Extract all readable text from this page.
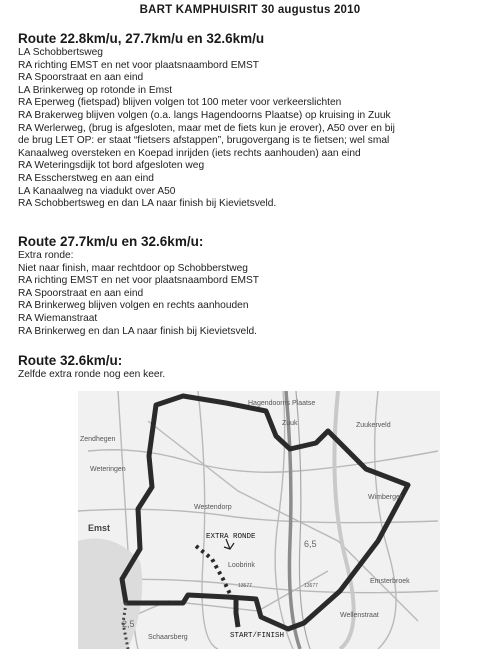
BART KAMPHUISRIT 30 augustus 2010

Route 22.8km/u, 27.7km/u en 32.6km/u

LA Schobbertsweg

RA richting EMST en net voor plaatsnaambord EMST

RA Spoorstraat en aan eind

LA Brinkerweg op rotonde in Emst

RA Eperweg (fietspad) blijven volgen tot 100 meter voor verkeerslichten

RA Brakerweg blijven volgen (o.a. langs Hagendoorns Plaatse) op kruising in Zuuk

RA Werlerweg, (brug is afgesloten, maar met de fiets kun je erover), A50 over en bij

de brug LET OP: er staat “fietsers afstappen”, brugovergang is te fietsen; wel smal

Kanaalweg oversteken en Koepad inrijden (iets rechts aanhouden) aan eind

RA Weteringsdijk tot bord afgesloten weg

RA Esscherstweg en aan eind

LA Kanaalweg na viadukt over A50

RA Schobbertsweg en dan LA naar finish bij Kievietsveld.

Route 27.7km/u en 32.6km/u:

Extra ronde:

Niet naar finish, maar rechtdoor op Schobberstweg

RA richting EMST en net voor plaatsnaambord EMST

RA Spoorstraat en aan eind

RA Brinkerweg blijven volgen en rechts aanhouden

RA Wiemanstraat

RA Brinkerweg en dan LA naar finish bij Kievietsveld.

Route 32.6km/u:

Zelfde extra ronde nog een keer.

Hagendoorns Plaatse
Zuuk	Zuukerveld
Zendhegen
Weteringen
Westendorp
Wimberger
Emst
Loobrink
Emsterbroek
Wellenstraat
Schaarsberg
6,5
2,5
13677
13577
EXTRA RONDE
START/FINISH
